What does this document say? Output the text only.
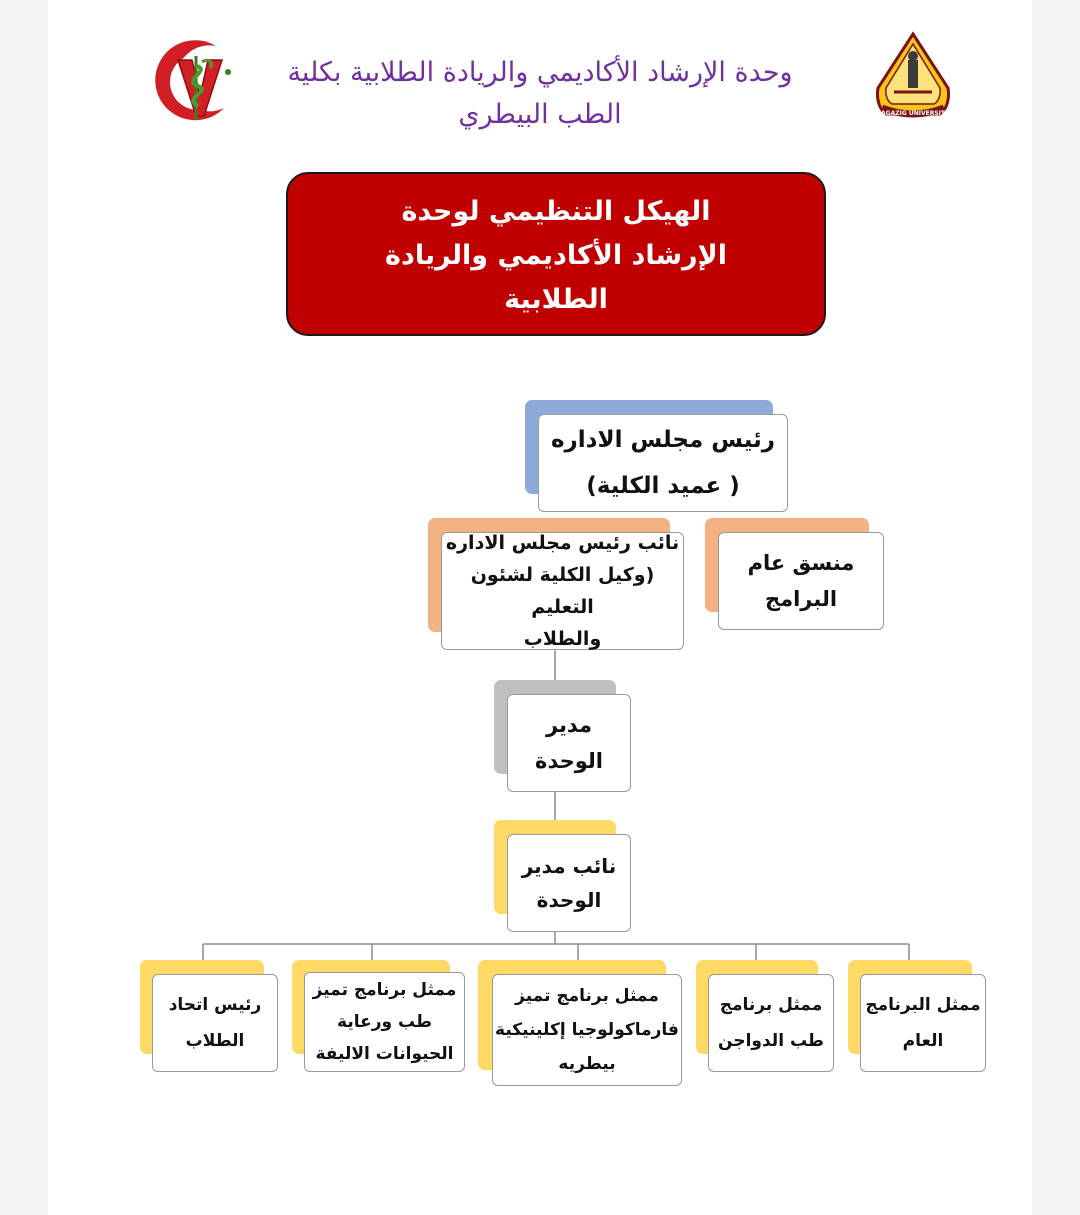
ZAGAZIG UNIVERSITY
وحدة الإرشاد الأكاديمي والريادة الطلابية بكلية
الطب البيطري
الهيكل التنظيمي لوحدة
الإرشاد الأكاديمي والريادة
الطلابية
رئيس مجلس الاداره
( عميد الكلية)
نائب رئيس مجلس الاداره
(وكيل الكلية لشئون التعليم
والطلاب
منسق عام
البرامج
مدير
الوحدة
نائب مدير
الوحدة
ممثل البرنامج
العام
ممثل برنامج
طب الدواجن
ممثل برنامج تميز
فارماكولوجيا إكلينيكية
بيطريه
ممثل برنامج تميز
طب ورعاية
الحيوانات الاليفة
رئيس اتحاد
الطلاب
